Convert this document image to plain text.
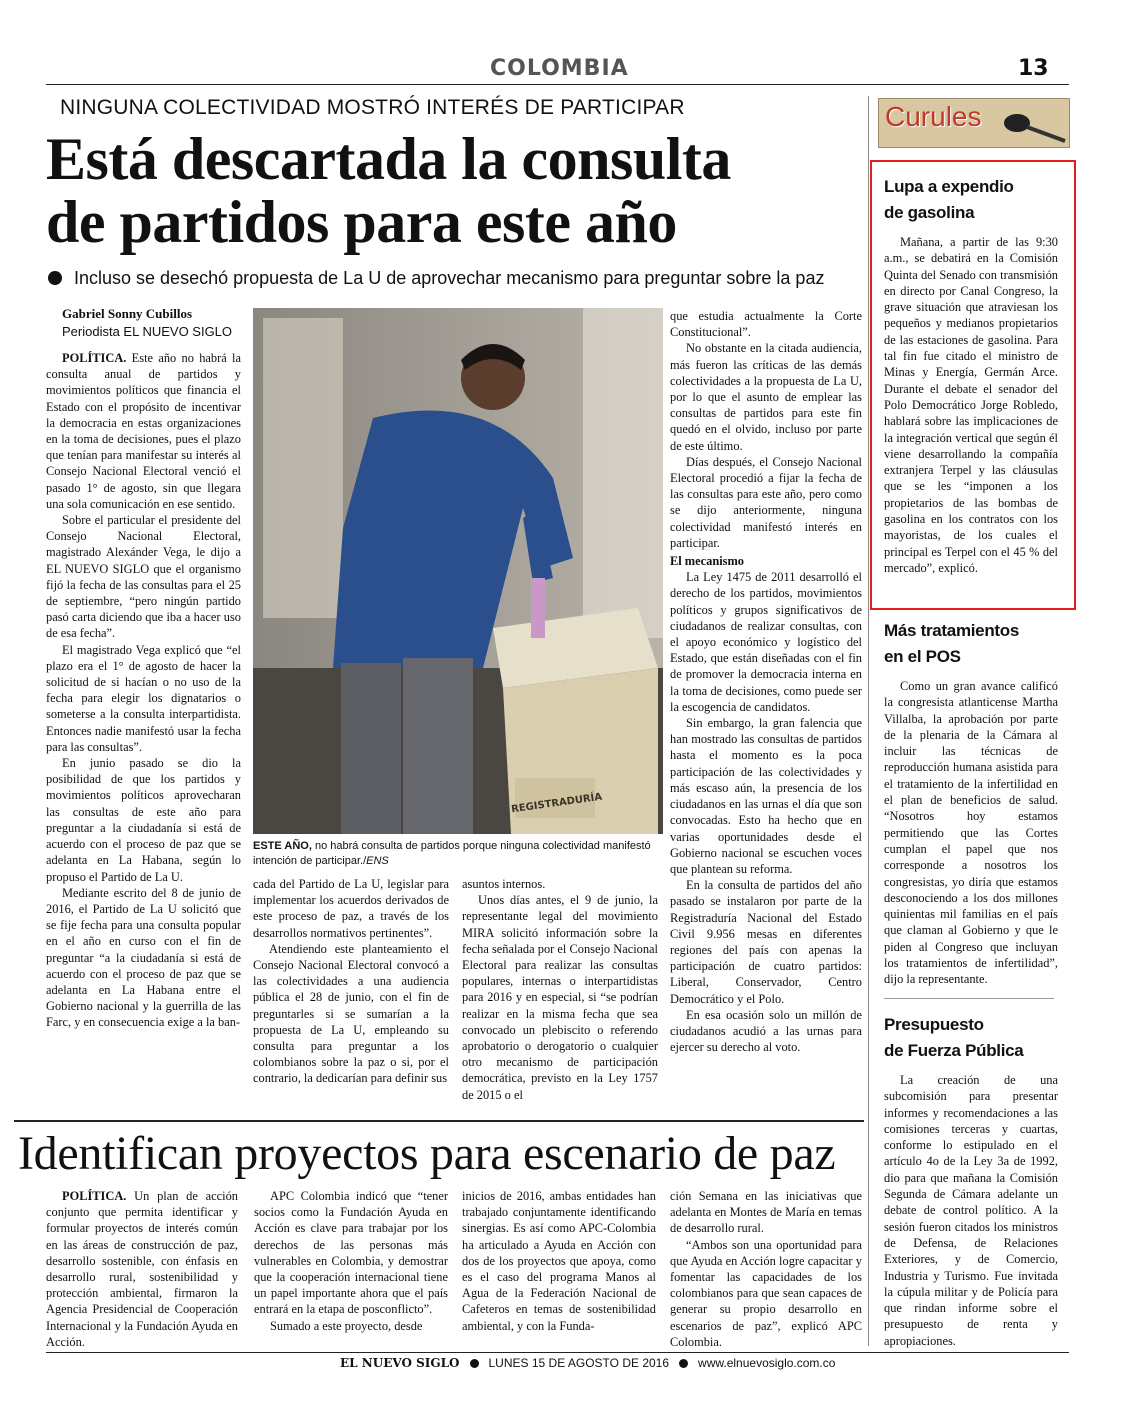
COLOMBIA	13
NINGUNA COLECTIVIDAD MOSTRÓ INTERÉS DE PARTICIPAR
Está descartada la consulta
de partidos para este año
Incluso se desechó propuesta de La U de aprovechar mecanismo para preguntar sobre la paz
Gabriel Sonny Cubillos
Periodista EL NUEVO SIGLO

POLÍTICA. Este año no habrá la consulta anual de partidos y movimientos políticos que financia el Estado con el propósito de incentivar la democracia en estas organizaciones en la toma de decisiones, pues el plazo que tenían para manifestar su interés al Consejo Nacional Electoral venció el pasado 1° de agosto, sin que llegara una sola comunicación en ese sentido.

Sobre el particular el presidente del Consejo Nacional Electoral, magistrado Alexánder Vega, le dijo a EL NUEVO SIGLO que el organismo fijó la fecha de las consultas para el 25 de septiembre, “pero ningún partido pasó carta diciendo que iba a hacer uso de esa fecha”.

El magistrado Vega explicó que “el plazo era el 1° de agosto de hacer la solicitud de si hacían o no uso de la fecha para elegir los dignatarios o someterse a la consulta interpartidista. Entonces nadie manifestó usar la fecha para las consultas”.

En junio pasado se dio la posibilidad de que los partidos y movimientos políticos aprovecharan las consultas de este año para preguntar a la ciudadanía si está de acuerdo con el proceso de paz que se adelanta en La Habana, según lo propuso el Partido de La U.

Mediante escrito del 8 de junio de 2016, el Partido de La U solicitó que se fije fecha para una consulta popular en el año en curso con el fin de preguntar “a la ciudadanía si está de acuerdo con el proceso de paz que se adelanta en La Habana entre el Gobierno nacional y la guerrilla de las Farc, y en consecuencia exige a la ban-

REGISTRADURÍA
ESTE AÑO, no habrá consulta de partidos porque ninguna colectividad manifestó intención de participar./ENS

cada del Partido de La U, legislar para implementar los acuerdos derivados de este proceso de paz, a través de los desarrollos normativos pertinentes”.

Atendiendo este planteamiento el Consejo Nacional Electoral convocó a las colectividades a una audiencia pública el 28 de junio, con el fin de preguntarles si se sumarían a la propuesta de La U, empleando su consulta para preguntar a los colombianos sobre la paz o si, por el contrario, la dedicarían para definir sus

asuntos internos.

Unos días antes, el 9 de junio, la representante legal del movimiento MIRA solicitó información sobre la fecha señalada por el Consejo Nacional Electoral para realizar las consultas populares, internas o interpartidistas para 2016 y en especial, si “se podrían realizar en la misma fecha que sea convocado un plebiscito o referendo aprobatorio o derogatorio o cualquier otro mecanismo de participación democrática, previsto en la Ley 1757 de 2015 o el

que estudia actualmente la Corte Constitucional”.

No obstante en la citada audiencia, más fueron las críticas de las demás colectividades a la propuesta de La U, por lo que el asunto de emplear las consultas de partidos para este fin quedó en el olvido, incluso por parte de este último.

Días después, el Consejo Nacional Electoral procedió a fijar la fecha de las consultas para este año, pero como se dijo anteriormente, ninguna colectividad manifestó interés en participar.

El mecanismo

La Ley 1475 de 2011 desarrolló el derecho de los partidos, movimientos políticos y grupos significativos de ciudadanos de realizar consultas, con el apoyo económico y logístico del Estado, que están diseñadas con el fin de promover la democracia interna en la toma de decisiones, como puede ser la escogencia de candidatos.

Sin embargo, la gran falencia que han mostrado las consultas de partidos hasta el momento es la poca participación de las colectividades y más escaso aún, la presencia de los ciudadanos en las urnas el día que son convocadas. Esto ha hecho que en varias oportunidades desde el Gobierno nacional se escuchen voces que plantean su reforma.

En la consulta de partidos del año pasado se instalaron por parte de la Registraduría Nacional del Estado Civil 9.956 mesas en diferentes regiones del país con apenas la participación de cuatro partidos: Liberal, Conservador, Centro Democrático y el Polo.

En esa ocasión solo un millón de ciudadanos acudió a las urnas para ejercer su derecho al voto.

Curules
Lupa a expendio
de gasolina

Mañana, a partir de las 9:30 a.m., se debatirá en la Comisión Quinta del Senado con transmisión en directo por Canal Congreso, la grave situación que atraviesan los pequeños y medianos propietarios de las estaciones de gasolina. Para tal fin fue citado el ministro de Minas y Energía, Germán Arce. Durante el debate el senador del Polo Democrático Jorge Robledo, hablará sobre las implicaciones de la integración vertical que según él viene desarrollando la compañía extranjera Terpel y las cláusulas que se les “imponen a los propietarios de las bombas de gasolina en los contratos con los mayoristas, de los cuales el principal es Terpel con el 45 % del mercado”, explicó.

Más tratamientos
en el POS

Como un gran avance calificó la congresista atlanticense Martha Villalba, la aprobación por parte de la plenaria de la Cámara al incluir las técnicas de reproducción humana asistida para el tratamiento de la infertilidad en el plan de beneficios de salud. “Nosotros hoy estamos permitiendo que las Cortes cumplan el papel que nos corresponde a nosotros los congresistas, yo diría que estamos desconociendo a los dos millones quinientas mil familias en el país que claman al Gobierno y que le piden al Congreso que incluyan los tratamientos de infertilidad”, dijo la representante.

Presupuesto
de Fuerza Pública

La creación de una subcomisión para presentar informes y recomendaciones a las comisiones terceras y cuartas, conforme lo estipulado en el artículo 4o de la Ley 3a de 1992, dio para que mañana la Comisión Segunda de Cámara adelante un debate de control político. A la sesión fueron citados los ministros de Defensa, de Relaciones Exteriores, y de Comercio, Industria y Turismo. Fue invitada la cúpula militar y de Policía para que rindan informe sobre el presupuesto de renta y apropiaciones.

Identifican proyectos para escenario de paz

POLÍTICA. Un plan de acción conjunto que permita identificar y formular proyectos de interés común en las áreas de construcción de paz, desarrollo sostenible, con énfasis en desarrollo rural, sostenibilidad y protección ambiental, firmaron la Agencia Presidencial de Cooperación Internacional y la Fundación Ayuda en Acción.

APC Colombia indicó que “tener socios como la Fundación Ayuda en Acción es clave para trabajar por los derechos de las personas más vulnerables en Colombia, y demostrar que la cooperación internacional tiene un papel importante ahora que el país entrará en la etapa de posconflicto”.

Sumado a este proyecto, desde

inicios de 2016, ambas entidades han trabajado conjuntamente identificando sinergias. Es así como APC-Colombia ha articulado a Ayuda en Acción con dos de los proyectos que apoya, como es el caso del programa Manos al Agua de la Federación Nacional de Cafeteros en temas de sostenibilidad ambiental, y con la Funda-

ción Semana en las iniciativas que adelanta en Montes de María en temas de desarrollo rural.

“Ambos son una oportunidad para que Ayuda en Acción logre capacitar y fomentar las capacidades de los colombianos para que sean capaces de generar su propio desarrollo en escenarios de paz”, explicó APC Colombia.

EL NUEVO SIGLO LUNES 15 DE AGOSTO DE 2016 www.elnuevosiglo.com.co
